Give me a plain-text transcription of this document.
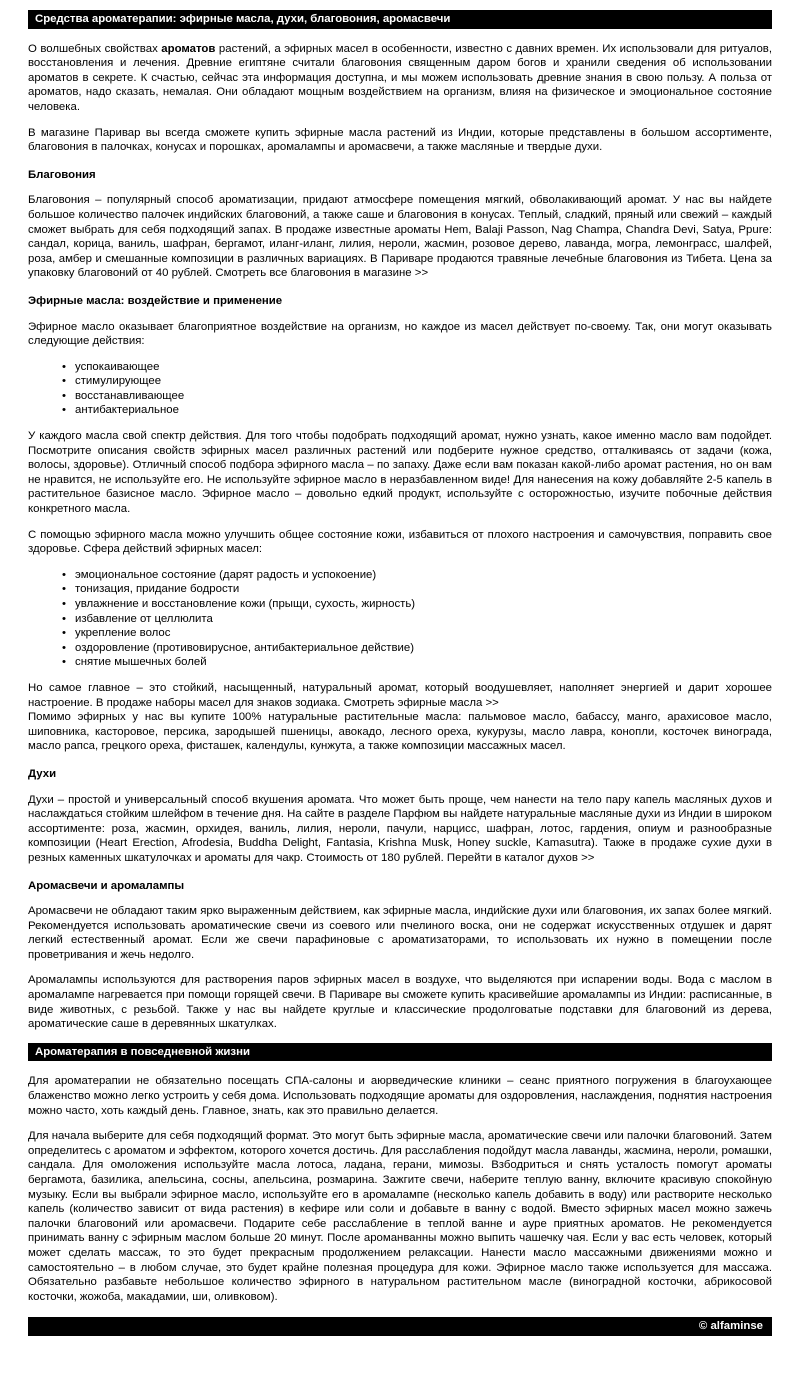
Средства ароматерапии: эфирные масла, духи, благовония, аромасвечи

О волшебных свойствах ароматов растений, а эфирных масел в особенности, известно с давних времен. Их использовали для ритуалов, восстановления и лечения. Древние египтяне считали благовония священным даром богов и хранили сведения об использовании ароматов в секрете. К счастью, сейчас эта информация доступна, и мы можем использовать древние знания в свою пользу. А польза от ароматов, надо сказать, немалая. Они обладают мощным воздействием на организм, влияя на физическое и эмоциональное состояние человека.

В магазине Паривар вы всегда сможете купить эфирные масла растений из Индии, которые представлены в большом ассортименте, благовония в палочках, конусах и порошках, аромалампы и аромасвечи, а также масляные и твердые духи.

Благовония

Благовония – популярный способ ароматизации, придают атмосфере помещения мягкий, обволакивающий аромат. У нас вы найдете большое количество палочек индийских благовоний, а также саше и благовония в конусах. Теплый, сладкий, пряный или свежий – каждый сможет выбрать для себя подходящий запах. В продаже известные ароматы Hem, Balaji Passon, Nag Champa, Chandra Devi, Satya, Ppure: сандал, корица, ваниль, шафран, бергамот, иланг-иланг, лилия, нероли, жасмин, розовое дерево, лаванда, могра, лемонграсс, шалфей, роза, амбер и смешанные композиции в различных вариациях. В Париваре продаются травяные лечебные благовония из Тибета. Цена за упаковку благовоний от 40 рублей. Смотреть все благовония в магазине >>

Эфирные масла: воздействие и применение

Эфирное масло оказывает благоприятное воздействие на организм, но каждое из масел действует по-своему. Так, они могут оказывать следующие действия:

• успокаивающее
• стимулирующее
• восстанавливающее
• антибактериальное

У каждого масла свой спектр действия. Для того чтобы подобрать подходящий аромат, нужно узнать, какое именно масло вам подойдет. Посмотрите описания свойств эфирных масел различных растений или подберите нужное средство, отталкиваясь от задачи (кожа, волосы, здоровье). Отличный способ подбора эфирного масла – по запаху. Даже если вам показан какой-либо аромат растения, но он вам не нравится, не используйте его. Не используйте эфирное масло в неразбавленном виде! Для нанесения на кожу добавляйте 2-5 капель в растительное базисное масло. Эфирное масло – довольно едкий продукт, используйте с осторожностью, изучите побочные действия конкретного масла.

С помощью эфирного масла можно улучшить общее состояние кожи, избавиться от плохого настроения и самочувствия, поправить свое здоровье. Сфера действий эфирных масел:

• эмоциональное состояние (дарят радость и успокоение)
• тонизация, придание бодрости
• увлажнение и восстановление кожи (прыщи, сухость, жирность)
• избавление от целлюлита
• укрепление волос
• оздоровление (противовирусное, антибактериальное действие)
• снятие мышечных болей

Но самое главное – это стойкий, насыщенный, натуральный аромат, который воодушевляет, наполняет энергией и дарит хорошее настроение. В продаже наборы масел для знаков зодиака. Смотреть эфирные масла >>

Помимо эфирных у нас вы купите 100% натуральные растительные масла: пальмовое масло, бабассу, манго, арахисовое масло, шиповника, касторовое, персика, зародышей пшеницы, авокадо, лесного ореха, кукурузы, масло лавра, конопли, косточек винограда, масло рапса, грецкого ореха, фисташек, календулы, кунжута, а также композиции массажных масел.

Духи

Духи – простой и универсальный способ вкушения аромата. Что может быть проще, чем нанести на тело пару капель масляных духов и наслаждаться стойким шлейфом в течение дня. На сайте в разделе Парфюм вы найдете натуральные масляные духи из Индии в широком ассортименте: роза, жасмин, орхидея, ваниль, лилия, нероли, пачули, нарцисс, шафран, лотос, гардения, опиум и разнообразные композиции (Heart Erection, Afrodesia, Buddha Delight, Fantasia, Krishna Musk, Honey suckle, Kamasutra). Также в продаже сухие духи в резных каменных шкатулочках и ароматы для чакр. Стоимость от 180 рублей. Перейти в каталог духов >>

Аромасвечи и аромалампы

Аромасвечи не обладают таким ярко выраженным действием, как эфирные масла, индийские духи или благовония, их запах более мягкий. Рекомендуется использовать ароматические свечи из соевого или пчелиного воска, они не содержат искусственных отдушек и дарят легкий естественный аромат. Если же свечи парафиновые с ароматизаторами, то использовать их нужно в помещении после проветривания и жечь недолго.

Аромалампы используются для растворения паров эфирных масел в воздухе, что выделяются при испарении воды. Вода с маслом в аромалампе нагревается при помощи горящей свечи. В Париваре вы сможете купить красивейшие аромалампы из Индии: расписанные, в виде животных, с резьбой. Также у нас вы найдете круглые и классические продолговатые подставки для благовоний из дерева, ароматические саше в деревянных шкатулках.

Ароматерапия в повседневной жизни

Для ароматерапии не обязательно посещать СПА-салоны и аюрведические клиники – сеанс приятного погружения в благоухающее блаженство можно легко устроить у себя дома. Использовать подходящие ароматы для оздоровления, наслаждения, поднятия настроения можно часто, хоть каждый день. Главное, знать, как это правильно делается.

Для начала выберите для себя подходящий формат. Это могут быть эфирные масла, ароматические свечи или палочки благовоний. Затем определитесь с ароматом и эффектом, которого хочется достичь. Для расслабления подойдут масла лаванды, жасмина, нероли, ромашки, сандала. Для омоложения используйте масла лотоса, ладана, герани, мимозы. Взбодриться и снять усталость помогут ароматы бергамота, базилика, апельсина, сосны, апельсина, розмарина. Зажгите свечи, наберите теплую ванну, включите красивую спокойную музыку. Если вы выбрали эфирное масло, используйте его в аромалампе (несколько капель добавить в воду) или растворите несколько капель (количество зависит от вида растения) в кефире или соли и добавьте в ванну с водой. Вместо эфирных масел можно зажечь палочки благовоний или аромасвечи. Подарите себе расслабление в теплой ванне и ауре приятных ароматов. Не рекомендуется принимать ванну с эфирным маслом больше 20 минут. После ароманванны можно выпить чашечку чая. Если у вас есть человек, который может сделать массаж, то это будет прекрасным продолжением релаксации. Нанести масло массажными движениями можно и самостоятельно – в любом случае, это будет крайне полезная процедура для кожи. Эфирное масло также используется для массажа. Обязательно разбавьте небольшое количество эфирного в натуральном растительном масле (виноградной косточки, абрикосовой косточки, жожоба, макадамии, ши, оливковом).

© alfaminse
